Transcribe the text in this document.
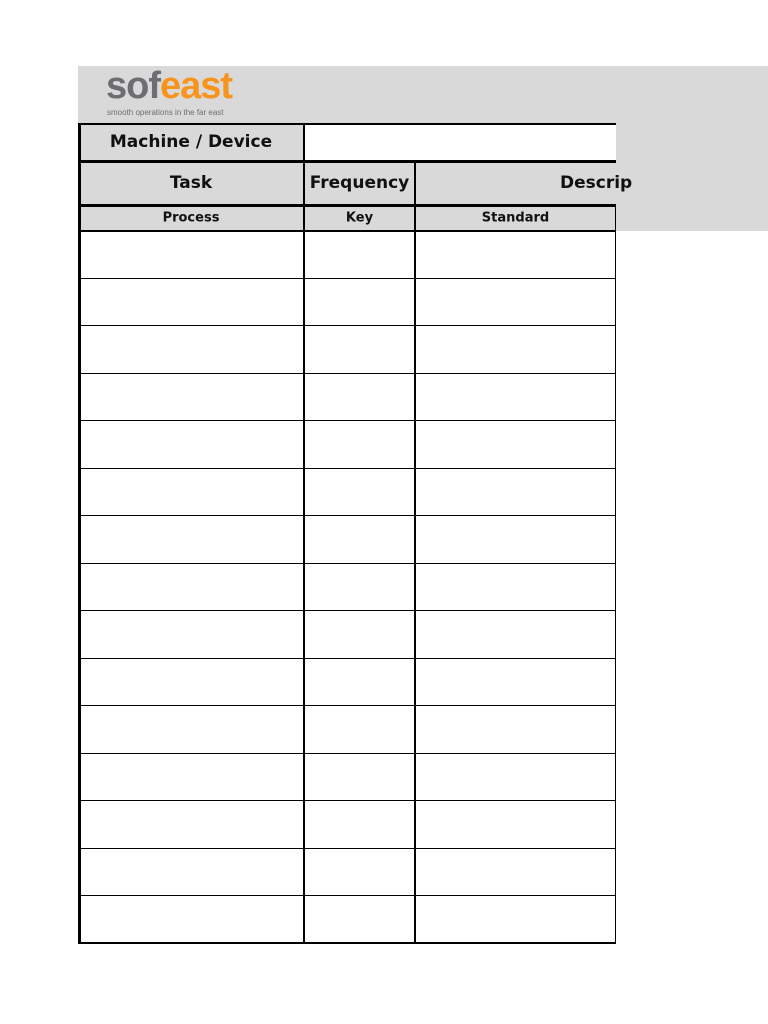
sofeast
smooth operations in the far east
Machine / Device
Task	Frequency	Descrip
Process	Key	Standard
